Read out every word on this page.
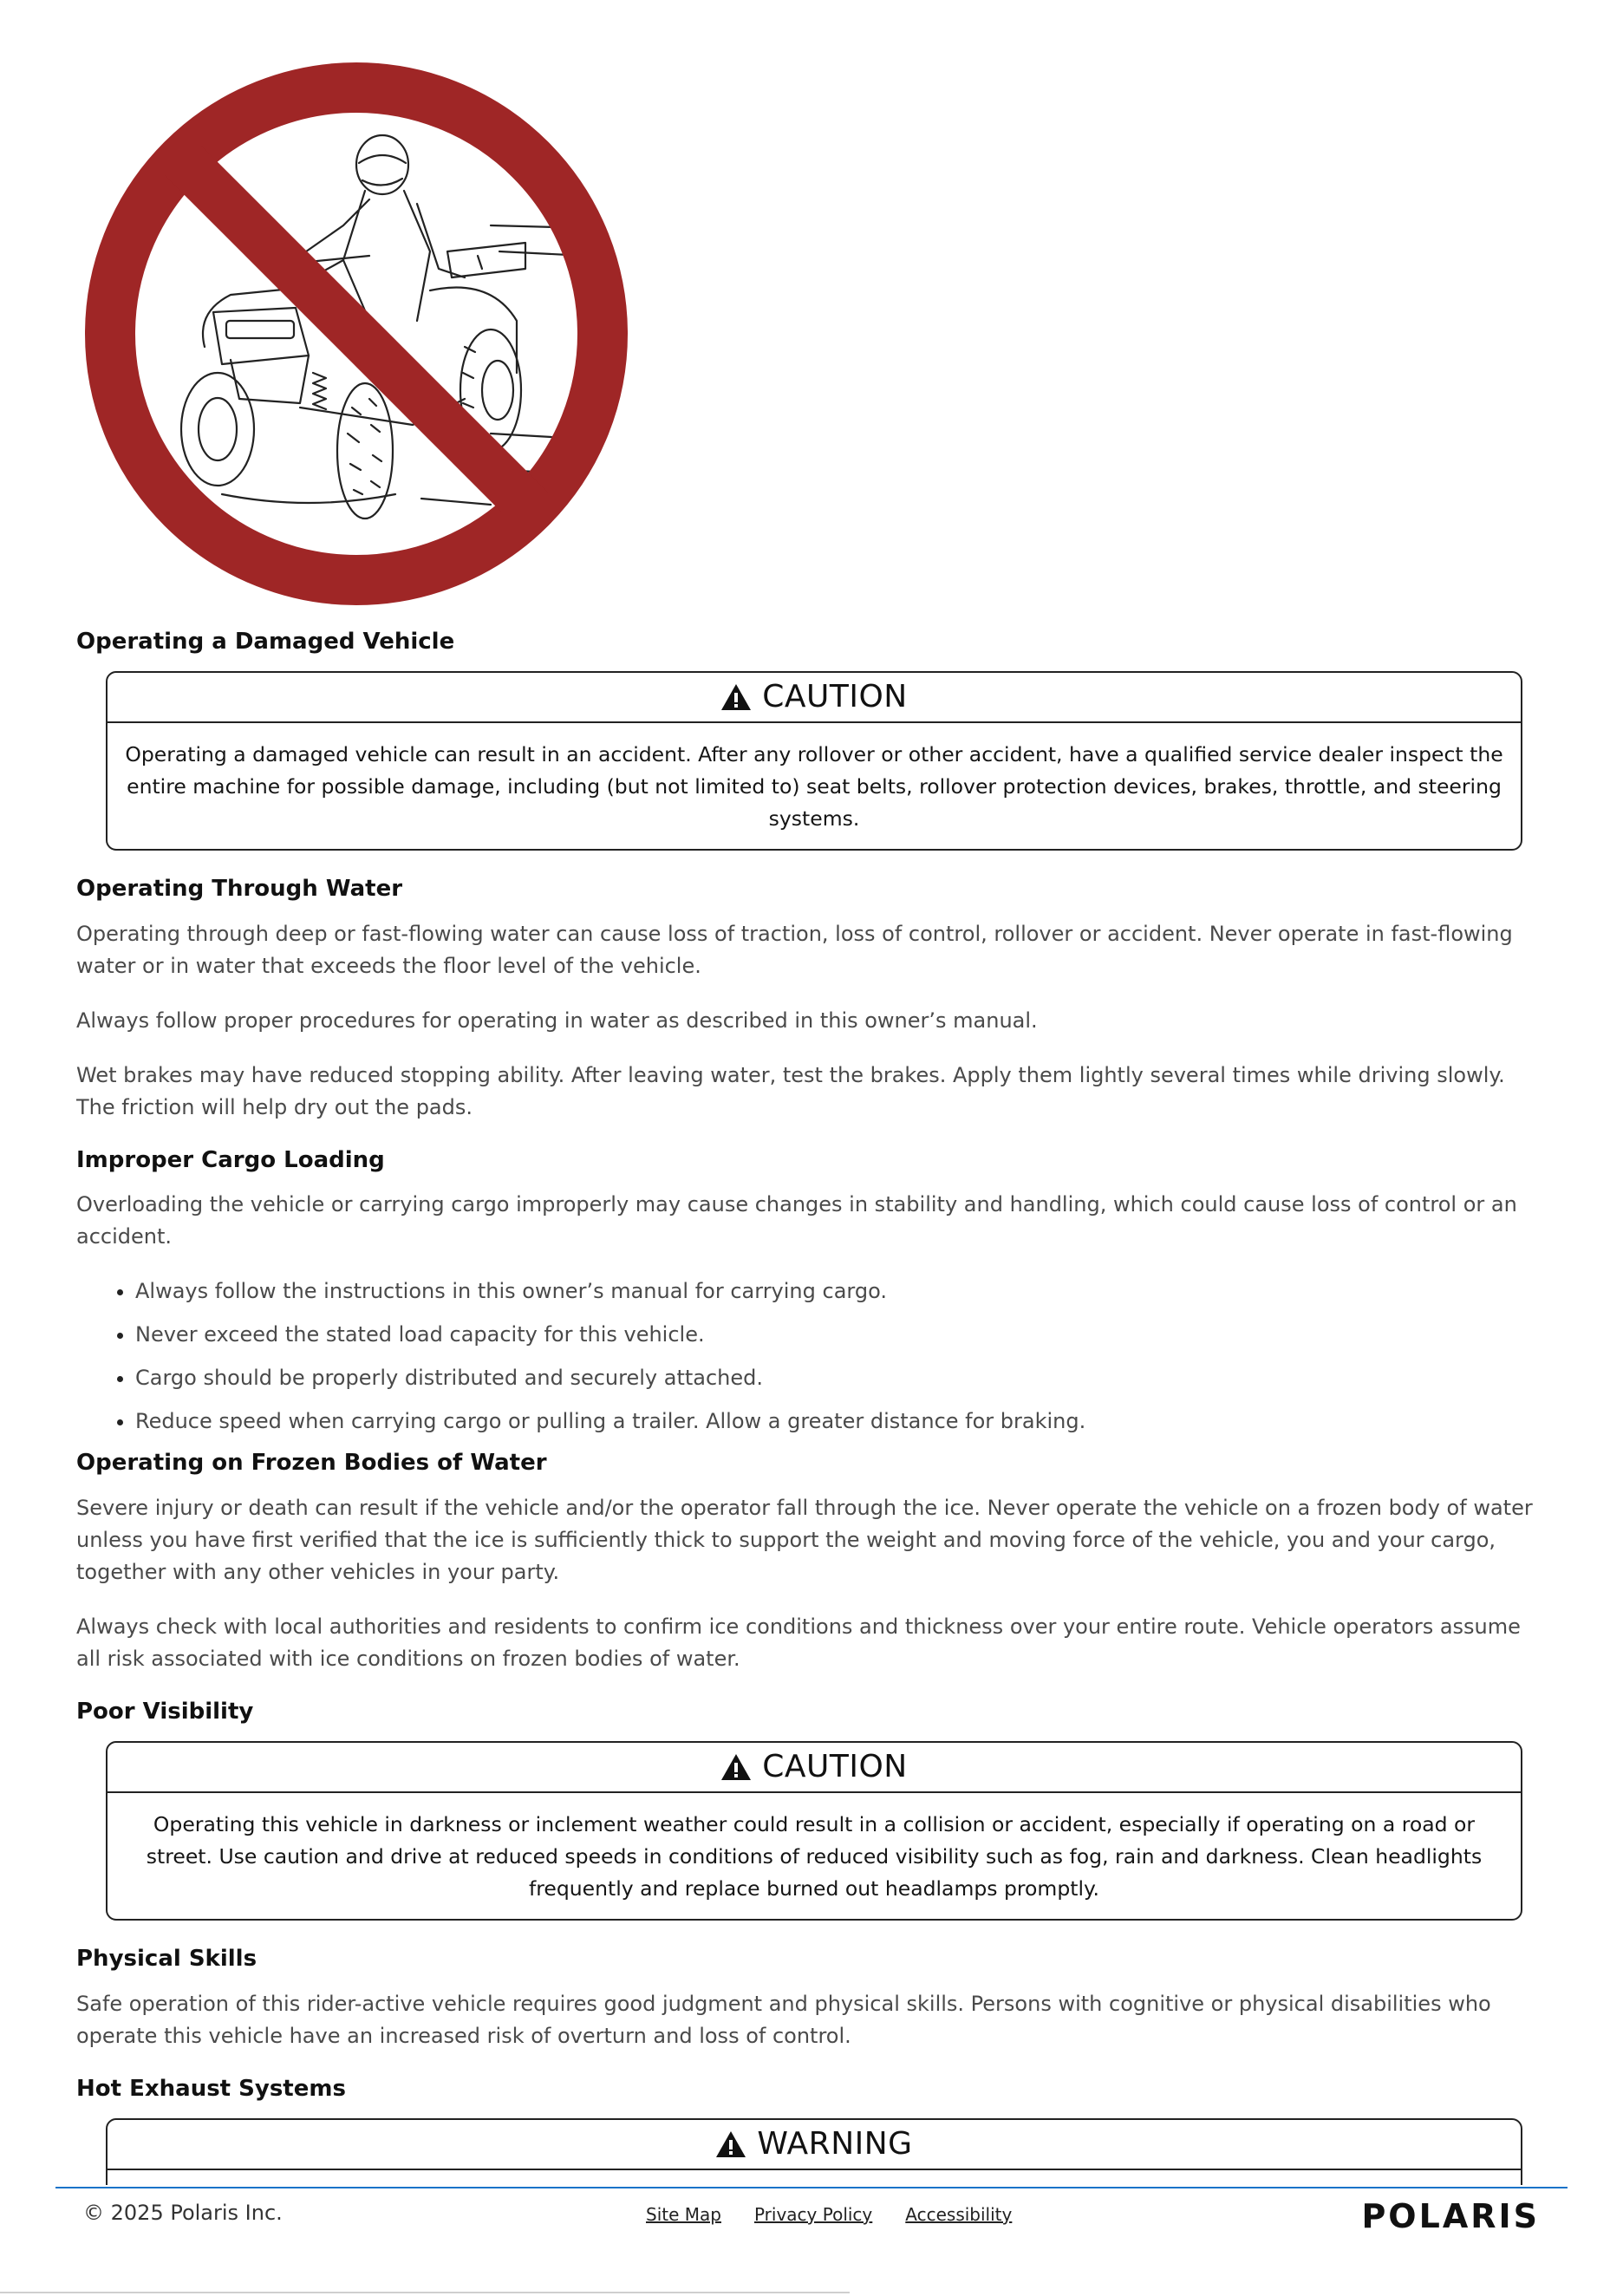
Operating a Damaged Vehicle
CAUTION
Operating a damaged vehicle can result in an accident. After any rollover or other accident, have a qualified service dealer inspect the entire machine for possible damage, including (but not limited to) seat belts, rollover protection devices, brakes, throttle, and steering systems.
Operating Through Water

Operating through deep or fast-flowing water can cause loss of traction, loss of control, rollover or accident. Never operate in fast-flowing water or in water that exceeds the floor level of the vehicle.

Always follow proper procedures for operating in water as described in this owner’s manual.

Wet brakes may have reduced stopping ability. After leaving water, test the brakes. Apply them lightly several times while driving slowly. The friction will help dry out the pads.

Improper Cargo Loading

Overloading the vehicle or carrying cargo improperly may cause changes in stability and handling, which could cause loss of control or an accident.

• Always follow the instructions in this owner’s manual for carrying cargo.
• Never exceed the stated load capacity for this vehicle.
• Cargo should be properly distributed and securely attached.
• Reduce speed when carrying cargo or pulling a trailer. Allow a greater distance for braking.
Operating on Frozen Bodies of Water

Severe injury or death can result if the vehicle and/or the operator fall through the ice. Never operate the vehicle on a frozen body of water unless you have first verified that the ice is sufficiently thick to support the weight and moving force of the vehicle, you and your cargo, together with any other vehicles in your party.

Always check with local authorities and residents to confirm ice conditions and thickness over your entire route. Vehicle operators assume all risk associated with ice conditions on frozen bodies of water.

Poor Visibility
CAUTION
Operating this vehicle in darkness or inclement weather could result in a collision or accident, especially if operating on a road or street. Use caution and drive at reduced speeds in conditions of reduced visibility such as fog, rain and darkness. Clean headlights frequently and replace burned out headlamps promptly.
Physical Skills

Safe operation of this rider-active vehicle requires good judgment and physical skills. Persons with cognitive or physical disabilities who operate this vehicle have an increased risk of overturn and loss of control.

Hot Exhaust Systems
WARNING
© 2025 Polaris Inc.	Site Map Privacy Policy Accessibility	POLARIS
